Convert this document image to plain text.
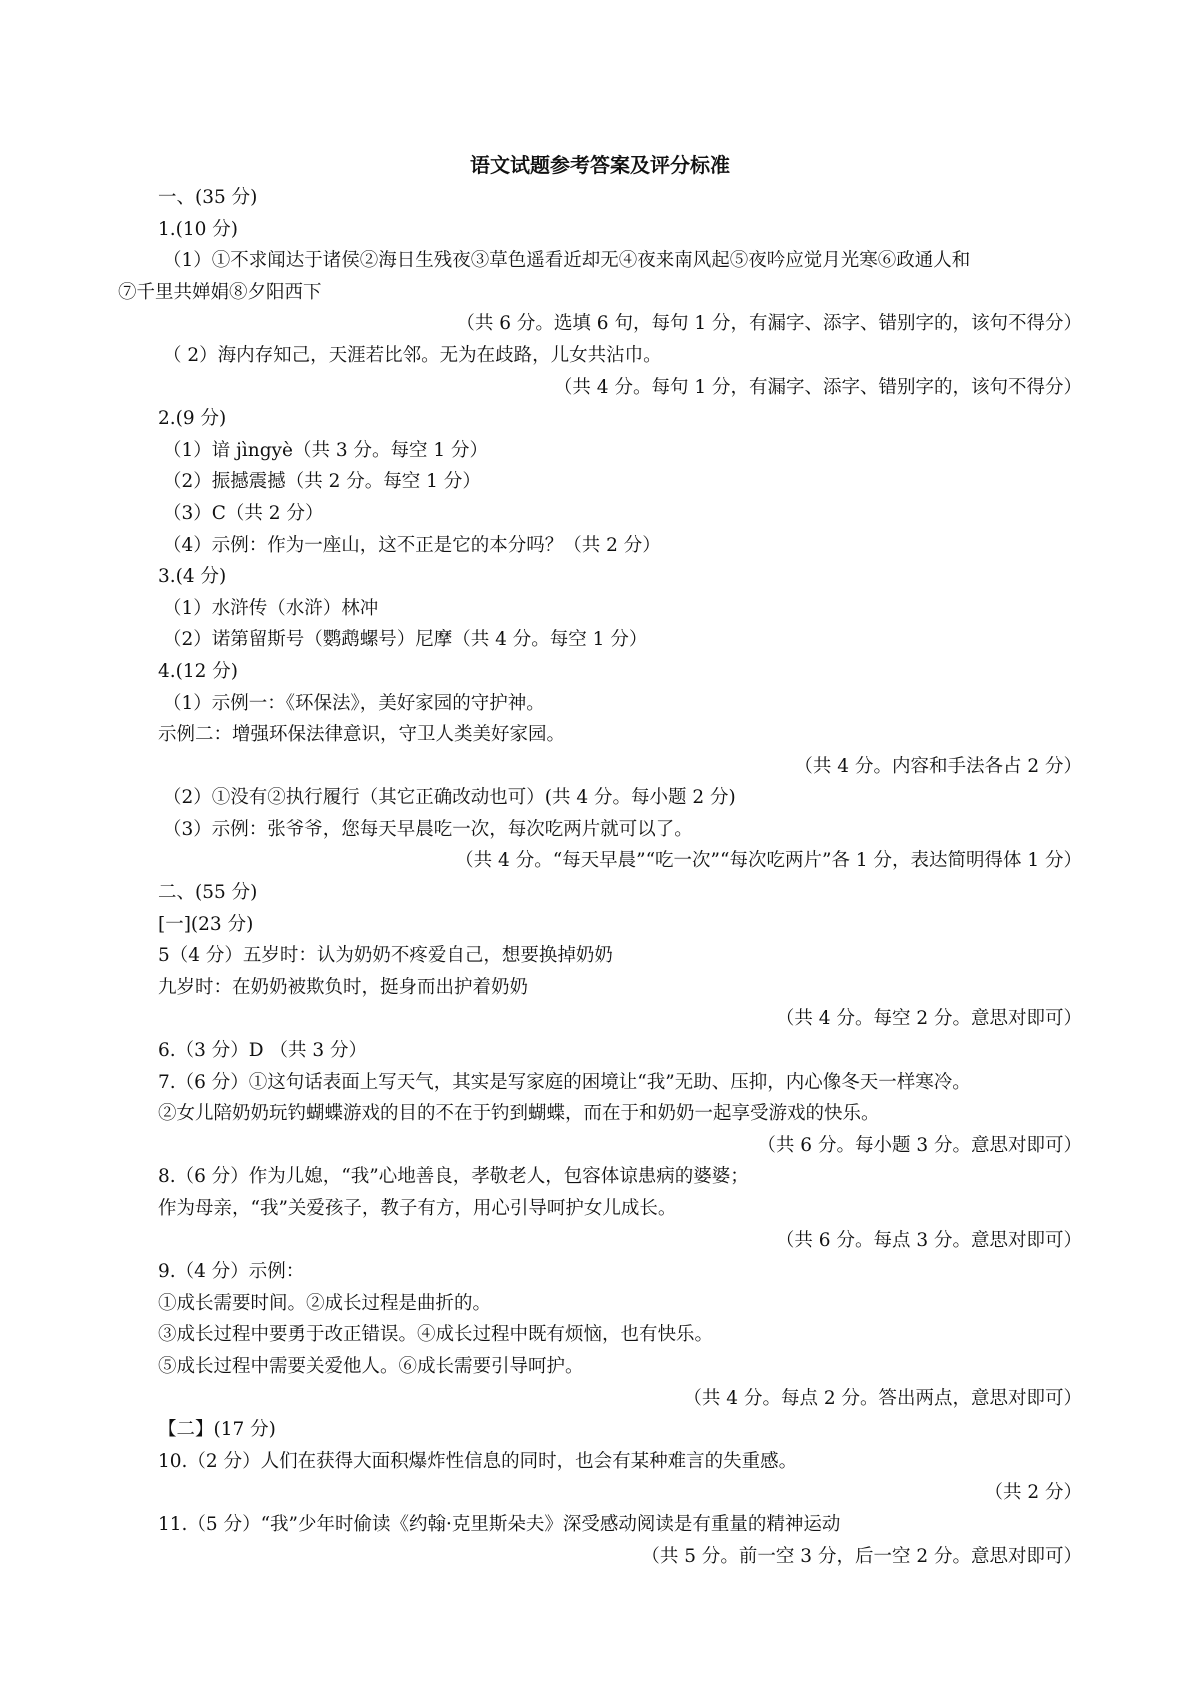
语文试题参考答案及评分标准
一、(35 分)
1.(10 分)
（1）①不求闻达于诸侯②海日生残夜③草色遥看近却无④夜来南风起⑤夜吟应觉月光寒⑥政通人和
⑦千里共婵娟⑧夕阳西下
（共 6 分。选填 6 句，每句 1 分，有漏字、添字、错别字的，该句不得分）
（ 2）海内存知己，天涯若比邻。无为在歧路，儿女共沾巾。
（共 4 分。每句 1 分，有漏字、添字、错别字的，该句不得分）
2.(9 分)
（1）谙 jìngyè（共 3 分。每空 1 分）
（2）振撼震撼（共 2 分。每空 1 分）
（3）C（共 2 分）
（4）示例：作为一座山，这不正是它的本分吗？（共 2 分）
3.(4 分)
（1）水浒传（水浒）林冲
（2）诺第留斯号（鹦鹉螺号）尼摩（共 4 分。每空 1 分）
4.(12 分)
（1）示例一：《环保法》，美好家园的守护神。
示例二：增强环保法律意识，守卫人类美好家园。
（共 4 分。内容和手法各占 2 分）
（2）①没有②执行履行（其它正确改动也可）(共 4 分。每小题 2 分)
（3）示例：张爷爷，您每天早晨吃一次，每次吃两片就可以了。
（共 4 分。“每天早晨”“吃一次”“每次吃两片”各 1 分，表达简明得体 1 分）
二、(55 分)
[一](23 分)
5（4 分）五岁时：认为奶奶不疼爱自己，想要换掉奶奶
九岁时：在奶奶被欺负时，挺身而出护着奶奶
（共 4 分。每空 2 分。意思对即可）
6.（3 分）D （共 3 分）
7.（6 分）①这句话表面上写天气，其实是写家庭的困境让“我”无助、压抑，内心像冬天一样寒冷。
②女儿陪奶奶玩钓蝴蝶游戏的目的不在于钓到蝴蝶，而在于和奶奶一起享受游戏的快乐。
（共 6 分。每小题 3 分。意思对即可）
8.（6 分）作为儿媳，“我”心地善良，孝敬老人，包容体谅患病的婆婆；
作为母亲，“我”关爱孩子，教子有方，用心引导呵护女儿成长。
（共 6 分。每点 3 分。意思对即可）
9.（4 分）示例：
①成长需要时间。②成长过程是曲折的。
③成长过程中要勇于改正错误。④成长过程中既有烦恼，也有快乐。
⑤成长过程中需要关爱他人。⑥成长需要引导呵护。
（共 4 分。每点 2 分。答出两点，意思对即可）
【二】(17 分)
10.（2 分）人们在获得大面积爆炸性信息的同时，也会有某种难言的失重感。
（共 2 分）
11.（5 分）“我”少年时偷读《约翰·克里斯朵夫》深受感动阅读是有重量的精神运动
（共 5 分。前一空 3 分，后一空 2 分。意思对即可）
